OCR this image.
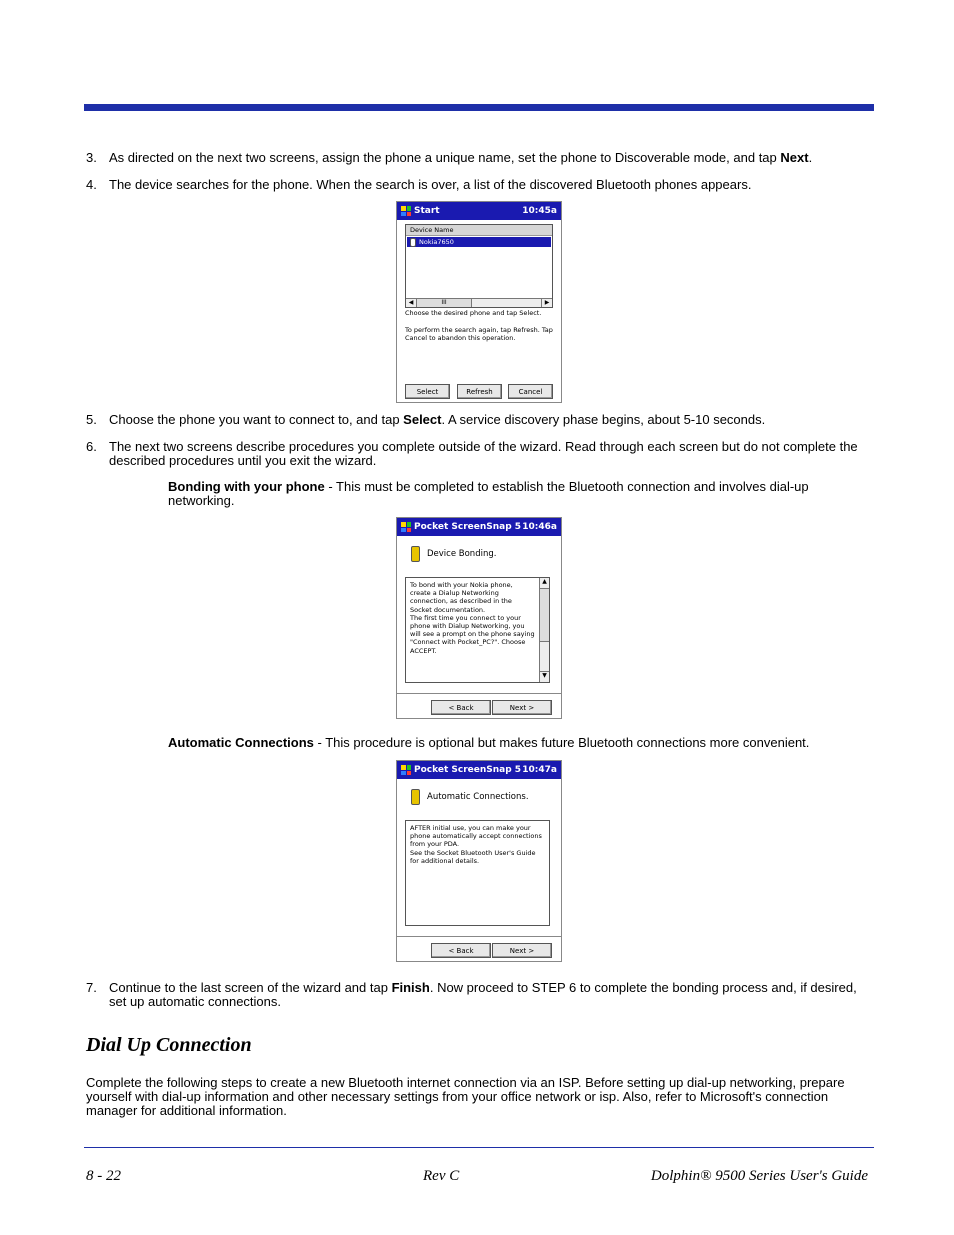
3. As directed on the next two screens, assign the phone a unique name, set the phone to Discoverable mode, and tap Next.
4. The device searches for the phone. When the search is over, a list of the discovered Bluetooth phones appears.
Start	10:45a
Device Name
Nokia7650
◀	III	▶
Choose the desired phone and tap Select.
To perform the search again, tap Refresh. Tap Cancel to abandon this operation.
Select	Refresh	Cancel
5. Choose the phone you want to connect to, and tap Select. A service discovery phase begins, about 5-10 seconds.
6. The next two screens describe procedures you complete outside of the wizard. Read through each screen but do not complete the described procedures until you exit the wizard.
Bonding with your phone - This must be completed to establish the Bluetooth connection and involves dial-up networking.
Pocket ScreenSnap 5 10:46a
Device Bonding.
To bond with your Nokia phone, create a Dialup Networking connection, as described in the Socket documentation.
The first time you connect to your phone with Dialup Networking, you will see a prompt on the phone saying "Connect with Pocket_PC?". Choose ACCEPT.
▲
▼
< Back	Next >
Automatic Connections - This procedure is optional but makes future Bluetooth connections more convenient.
Pocket ScreenSnap 5 10:47a
Automatic Connections.
AFTER initial use, you can make your phone automatically accept connections from your PDA.
See the Socket Bluetooth User's Guide for additional details.
< Back	Next >
7. Continue to the last screen of the wizard and tap Finish. Now proceed to STEP 6 to complete the bonding process and, if desired, set up automatic connections.
Dial Up Connection
Complete the following steps to create a new Bluetooth internet connection via an ISP. Before setting up dial-up networking, prepare yourself with dial-up information and other necessary settings from your office network or isp. Also, refer to Microsoft's connection manager for additional information.
8 - 22	Rev C	Dolphin® 9500 Series User's Guide
